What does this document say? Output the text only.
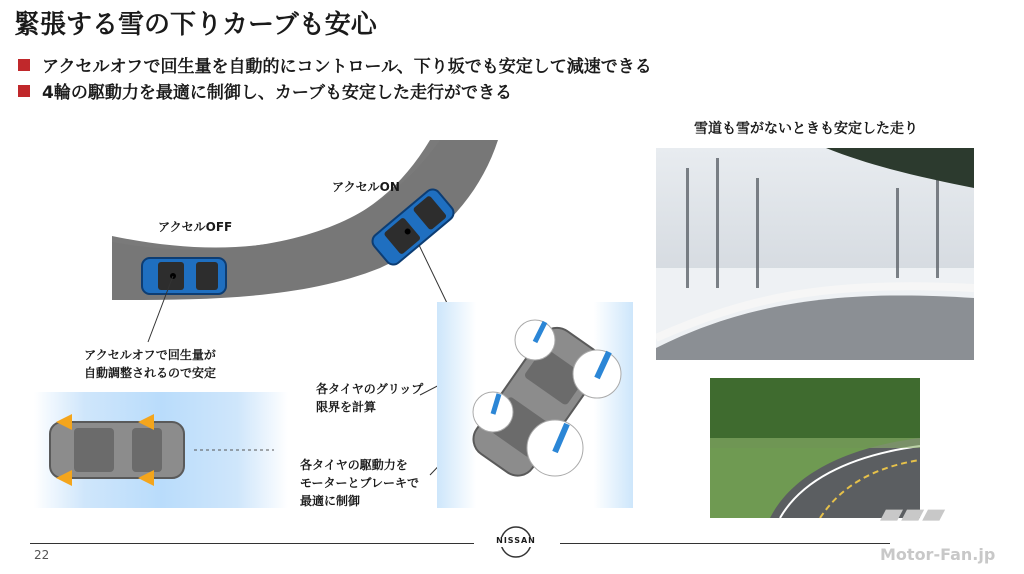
緊張する雪の下りカーブも安心
アクセルオフで回生量を自動的にコントロール、下り坂でも安定して減速できる
4輪の駆動力を最適に制御し、カーブも安定した走行ができる
アクセルOFF
アクセルON
アクセルオフで回生量が
自動調整されるので安定
各タイヤのグリップ
限界を計算
各タイヤの駆動力を
モーターとブレーキで
最適に制御
雪道も雪がないときも安定した走り
NISSAN
22
▰▰▰
Motor-Fan.jp
